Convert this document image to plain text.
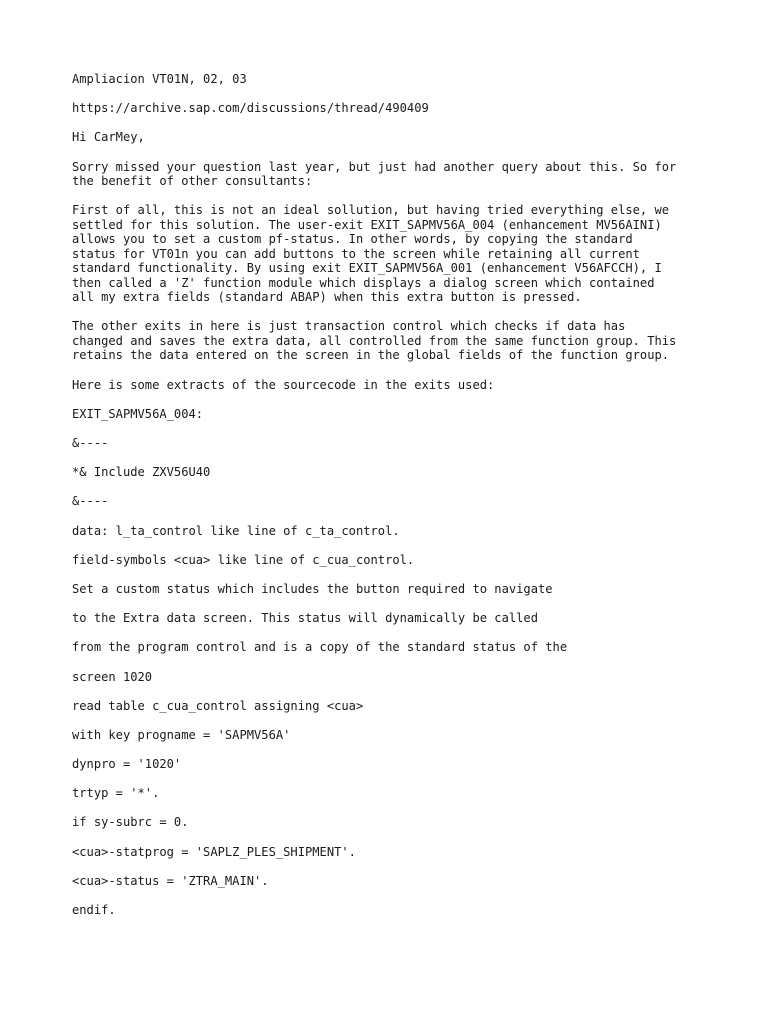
Ampliacion VT01N, 02, 03

https://archive.sap.com/discussions/thread/490409

Hi CarMey,

Sorry missed your question last year, but just had another query about this. So for
the benefit of other consultants:

First of all, this is not an ideal sollution, but having tried everything else, we
settled for this solution. The user-exit EXIT_SAPMV56A_004 (enhancement MV56AINI)
allows you to set a custom pf-status. In other words, by copying the standard
status for VT01n you can add buttons to the screen while retaining all current
standard functionality. By using exit EXIT_SAPMV56A_001 (enhancement V56AFCCH), I
then called a 'Z' function module which displays a dialog screen which contained
all my extra fields (standard ABAP) when this extra button is pressed.

The other exits in here is just transaction control which checks if data has
changed and saves the extra data, all controlled from the same function group. This
retains the data entered on the screen in the global fields of the function group.

Here is some extracts of the sourcecode in the exits used:

EXIT_SAPMV56A_004:

&----

*& Include ZXV56U40

&----

data: l_ta_control like line of c_ta_control.

field-symbols <cua> like line of c_cua_control.

Set a custom status which includes the button required to navigate

to the Extra data screen. This status will dynamically be called

from the program control and is a copy of the standard status of the

screen 1020

read table c_cua_control assigning <cua>

with key progname = 'SAPMV56A'

dynpro = '1020'

trtyp = '*'.

if sy-subrc = 0.

<cua>-statprog = 'SAPLZ_PLES_SHIPMENT'.

<cua>-status = 'ZTRA_MAIN'.

endif.
